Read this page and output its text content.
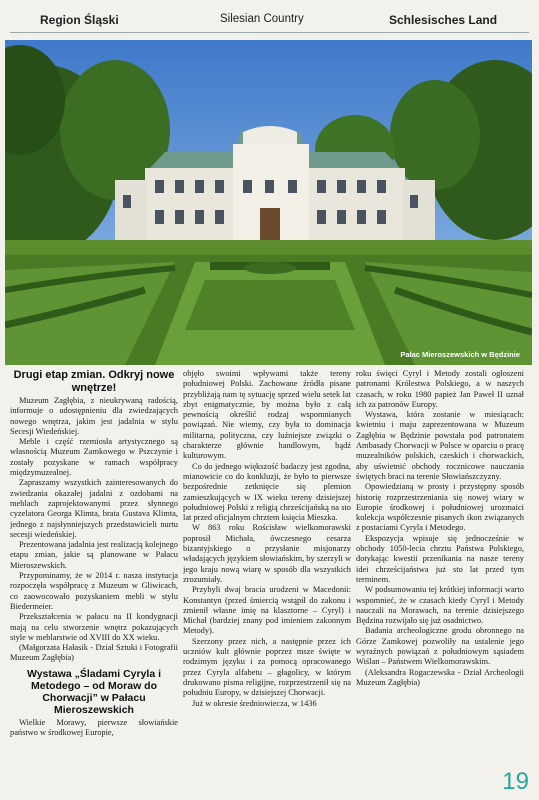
Region Śląski	Silesian Country	Schlesisches Land
Pałac Mieroszewskich w Będzinie
Drugi etap zmian. Odkryj nowe wnętrze!

Muzeum Zagłębia, z nieukrywaną radością, informuje o udostępnieniu dla zwiedzających nowego wnętrza, jakim jest jadalnia w stylu Secesji Wiedeńskiej.

Meble i część rzemiosła artystycznego są własnością Muzeum Zamkowego w Pszczynie i zostały pozyskane w ramach współpracy międzymuzealnej.

Zapraszamy wszystkich zainteresowanych do zwiedzania okazałej jadalni z ozdobami na meblach zaprojektowanymi przez słynnego cyzelatora Georga Klimta, brata Gustava Klimta, jednego z najsłynniejszych przedstawicieli nurtu secesji wiedeńskiej.

Prezentowana jadalnia jest realizacją kolejnego etapu zmian, jakie są planowane w Pałacu Mieroszewskich.

Przypominamy, że w 2014 r. nasza instytucja rozpoczęła współpracę z Muzeum w Gliwicach, co zaowocowało pozyskaniem mebli w stylu Biedermeier.

Przekształcenia w pałacu na II kondygnacji mają na celu stworzenie wnętrz pokazujących style w meblarstwie od XVIII do XX wieku.

(Małgorzata Hałasik - Dział Sztuki i Fotografii Muzeum Zagłębia)

Wystawa „Śladami Cyryla i Metodego – od Moraw do Chorwacji” w Pałacu Mieroszewskich

Wielkie Morawy, pierwsze słowiańskie państwo w środkowej Europie,

objęło swoimi wpływami także tereny południowej Polski. Zachowane źródła pisane przybliżają nam tę sytuację sprzed wielu setek lat zbyt enigmatycznie, by można było z całą pewnością określić rodzaj wspomnianych powiązań. Nie wiemy, czy była to dominacja militarna, polityczna, czy luźniejsze związki o charakterze głównie handlowym, bądź kulturowym.

Co do jednego większość badaczy jest zgodna, mianowicie co do konkluzji, że było to pierwsze bezpośrednie zetknięcie się plemion zamieszkujących w IX wieku tereny dzisiejszej południowej Polski z religią chrześcijańską na sto lat przed oficjalnym chrztem księcia Mieszka.

W 863 roku Rościsław wielkomorawski poprosił Michała, ówczesnego cesarza bizantyjskiego o przysłanie misjonarzy władających językiem słowiańskim, by szerzyli w jego kraju nową wiarę w sposób dla wszystkich zrozumiały.

Przybyli dwaj bracia urodzeni w Macedonii: Konstantyn (przed śmiercią wstąpił do zakonu i zmienił własne imię na klasztorne – Cyryl) i Michał (bardziej znany pod imieniem zakonnym Metody).

Szerzony przez nich, a następnie przez ich uczniów kult głównie poprzez msze święte w rodzimym języku i za pomocą opracowanego przez Cyryla alfabetu – głagolicy, w którym drukowano pisma religijne, rozprzestrzenił się na południu Europy, w dzisiejszej Chorwacji.

Już w okresie średniowiecza, w 1436

roku święci Cyryl i Metody zostali ogłoszeni patronami Królestwa Polskiego, a w naszych czasach, w roku 1980 papież Jan Paweł II uznał ich za patronów Europy.

Wystawa, która zostanie w miesiącach: kwietniu i maju zaprezentowana w Muzeum Zagłębia w Będzinie powstała pod patronatem Ambasady Chorwacji w Polsce w oparciu o pracę muzealników polskich, czeskich i chorwackich, aby uświetnić obchody rocznicowe nauczania świętych braci na terenie Słowiańszczyzny.

Opowiedzianą w prosty i przystępny sposób historię rozprzestrzeniania się nowej wiary w Europie środkowej i południowej urozmaici kolekcja współczesnie pisanych ikon związanych z postaciami Cyryla i Metodego.

Ekspozycja wpisuje się jednocześnie w obchody 1050-lecia chrztu Państwa Polskiego, dotykając kwestii przenikania na nasze tereny idei chrześcijaństwa już sto lat przed tym terminem.

W podsumowaniu tej krótkiej informacji warto wspomnieć, że w czasach kiedy Cyryl i Metody nauczali na Morawach, na terenie dzisiejszego Będzina rozwijało się już osadnictwo.

Badania archeologiczne grodu obronnego na Górze Zamkowej pozwoliły na ustalenie jego wyraźnych powiązań z południowym sąsiadem Wiślan – Państwem Wielkomorawskim.

(Aleksandra Rogaczewska - Dział Archeologii Muzeum Zagłębia)

19
